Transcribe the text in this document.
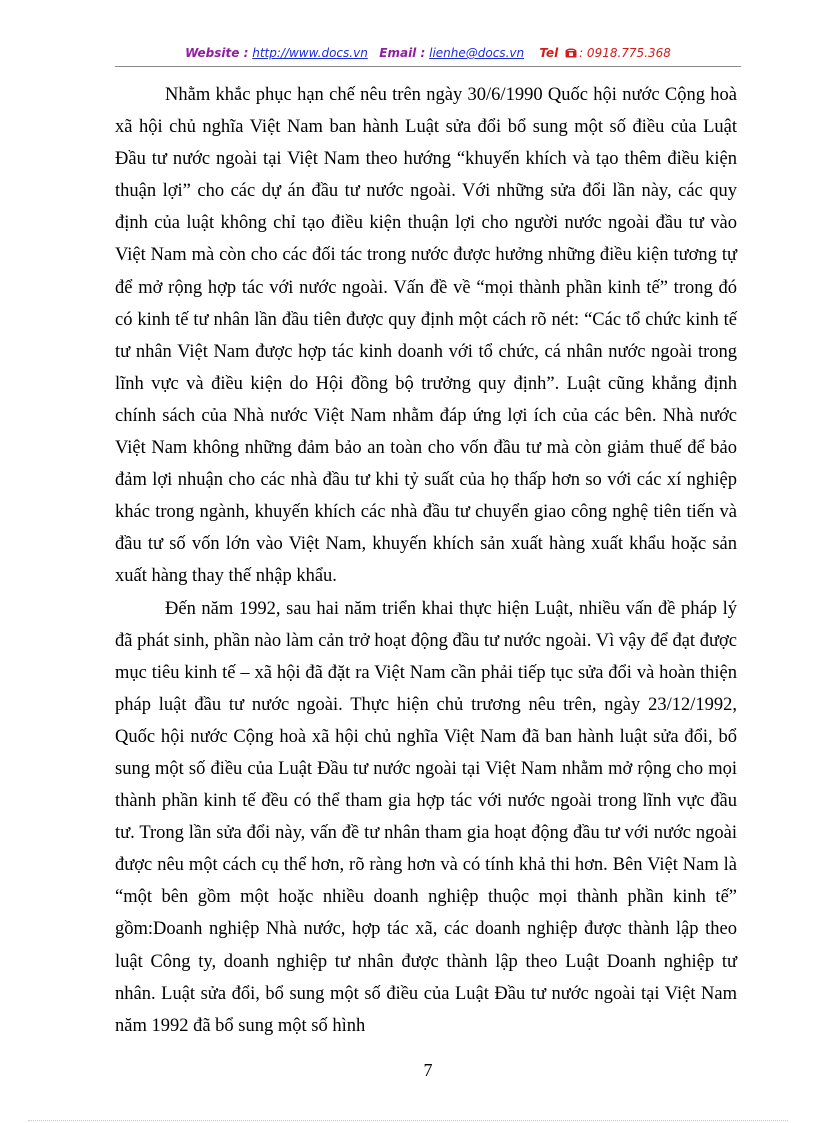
Website : http://www.docs.vn Email : lienhe@docs.vn Tel : 0918.775.368

Nhằm khắc phục hạn chế nêu trên ngày 30/6/1990 Quốc hội nước Cộng hoà xã hội chủ nghĩa Việt Nam ban hành Luật sửa đổi bổ sung một số điều của Luật Đầu tư nước ngoài tại Việt Nam theo hướng “khuyến khích và tạo thêm điều kiện thuận lợi” cho các dự án đầu tư nước ngoài. Với những sửa đổi lần này, các quy định của luật không chỉ tạo điều kiện thuận lợi cho người nước ngoài đầu tư vào Việt Nam mà còn cho các đối tác trong nước được hưởng những điều kiện tương tự để mở rộng hợp tác với nước ngoài. Vấn đề về “mọi thành phần kinh tế” trong đó có kinh tế tư nhân lần đầu tiên được quy định một cách rõ nét: “Các tổ chức kinh tế tư nhân Việt Nam được hợp tác kinh doanh với tổ chức, cá nhân nước ngoài trong lĩnh vực và điều kiện do Hội đồng bộ trưởng quy định”. Luật cũng khẳng định chính sách của Nhà nước Việt Nam nhằm đáp ứng lợi ích của các bên. Nhà nước Việt Nam không những đảm bảo an toàn cho vốn đầu tư mà còn giảm thuế để bảo đảm lợi nhuận cho các nhà đầu tư khi tỷ suất của họ thấp hơn so với các xí nghiệp khác trong ngành, khuyến khích các nhà đầu tư chuyển giao công nghệ tiên tiến và đầu tư số vốn lớn vào Việt Nam, khuyến khích sản xuất hàng xuất khẩu hoặc sản xuất hàng thay thế nhập khẩu.

Đến năm 1992, sau hai năm triển khai thực hiện Luật, nhiều vấn đề pháp lý đã phát sinh, phần nào làm cản trở hoạt động đầu tư nước ngoài. Vì vậy để đạt được mục tiêu kinh tế – xã hội đã đặt ra Việt Nam cần phải tiếp tục sửa đổi và hoàn thiện pháp luật đầu tư nước ngoài. Thực hiện chủ trương nêu trên, ngày 23/12/1992, Quốc hội nước Cộng hoà xã hội chủ nghĩa Việt Nam đã ban hành luật sửa đổi, bổ sung một số điều của Luật Đầu tư nước ngoài tại Việt Nam nhằm mở rộng cho mọi thành phần kinh tế đều có thể tham gia hợp tác với nước ngoài trong lĩnh vực đầu tư. Trong lần sửa đổi này, vấn đề tư nhân tham gia hoạt động đầu tư với nước ngoài được nêu một cách cụ thể hơn, rõ ràng hơn và có tính khả thi hơn. Bên Việt Nam là “một bên gồm một hoặc nhiều doanh nghiệp thuộc mọi thành phần kinh tế” gồm:Doanh nghiệp Nhà nước, hợp tác xã, các doanh nghiệp được thành lập theo luật Công ty, doanh nghiệp tư nhân được thành lập theo Luật Doanh nghiệp tư nhân. Luật sửa đổi, bổ sung một số điều của Luật Đầu tư nước ngoài tại Việt Nam năm 1992 đã bổ sung một số hình

7
